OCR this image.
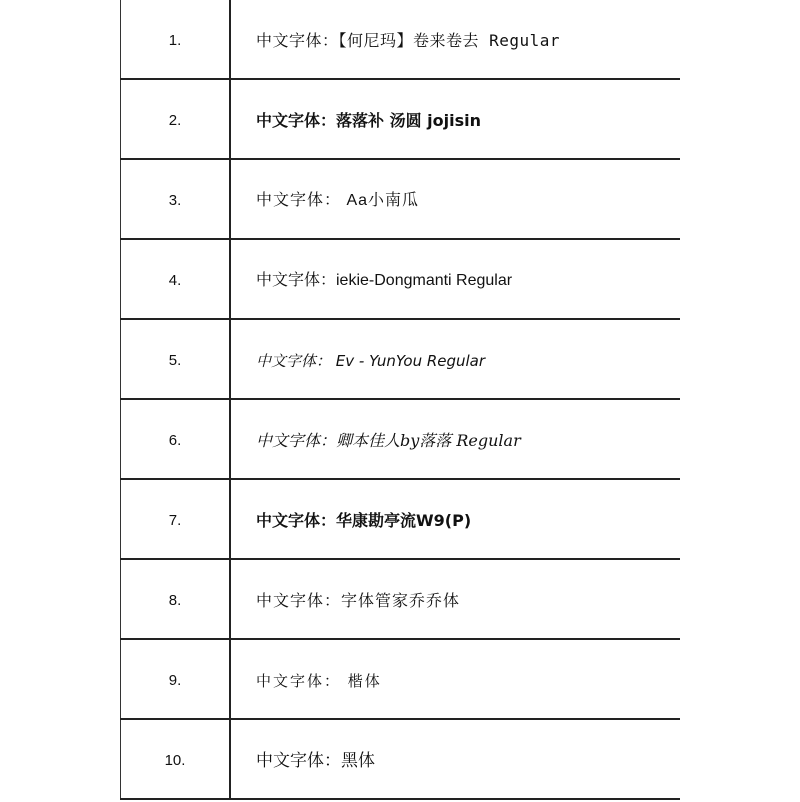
1.	中文字体：【何尼玛】卷来卷去 Regular
2.	中文字体：落落补 汤圆 jojisin
3.	中文字体： Aa小南瓜
4.	中文字体：iekie-Dongmanti Regular
5.	中文字体： Ev - YunYou Regular
6.	中文字体：卿本佳人by落落 Regular
7.	中文字体：华康勘亭流W9(P)
8.	中文字体：字体管家乔乔体
9.	中文字体： 楷体
10.	中文字体：黑体
